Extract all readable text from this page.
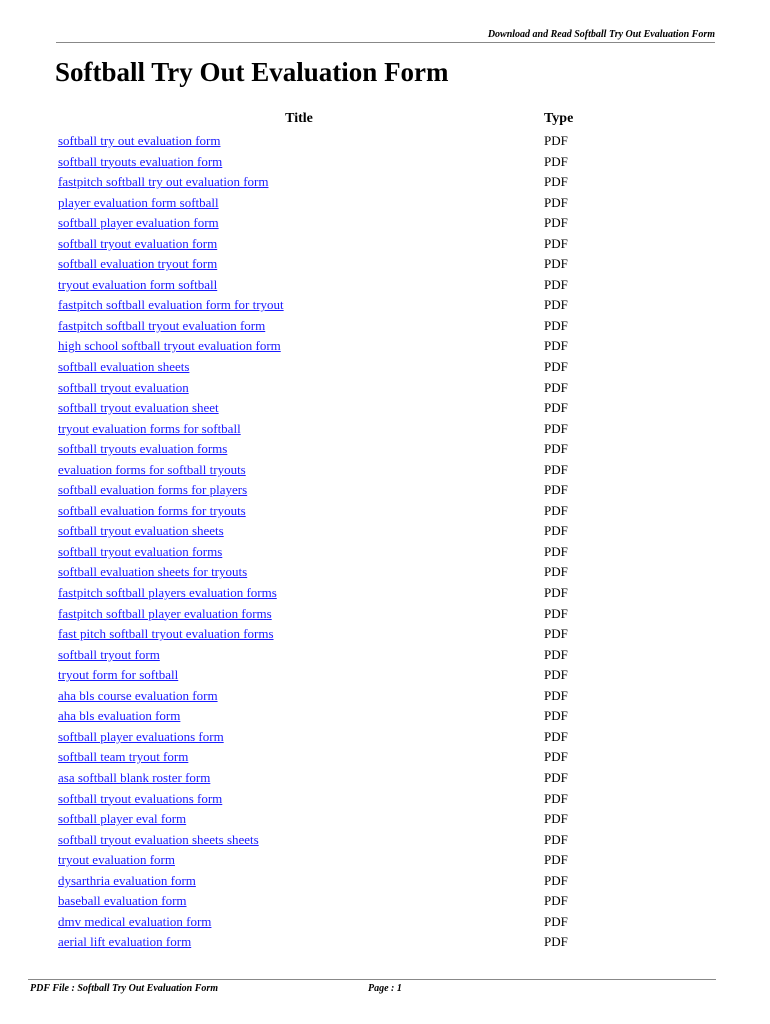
Download and Read Softball Try Out Evaluation Form
Softball Try Out Evaluation Form
Title	Type
softball try out evaluation form	PDF
softball tryouts evaluation form	PDF
fastpitch softball try out evaluation form	PDF
player evaluation form softball	PDF
softball player evaluation form	PDF
softball tryout evaluation form	PDF
softball evaluation tryout form	PDF
tryout evaluation form softball	PDF
fastpitch softball evaluation form for tryout	PDF
fastpitch softball tryout evaluation form	PDF
high school softball tryout evaluation form	PDF
softball evaluation sheets	PDF
softball tryout evaluation	PDF
softball tryout evaluation sheet	PDF
tryout evaluation forms for softball	PDF
softball tryouts evaluation forms	PDF
evaluation forms for softball tryouts	PDF
softball evaluation forms for players	PDF
softball evaluation forms for tryouts	PDF
softball tryout evaluation sheets	PDF
softball tryout evaluation forms	PDF
softball evaluation sheets for tryouts	PDF
fastpitch softball players evaluation forms	PDF
fastpitch softball player evaluation forms	PDF
fast pitch softball tryout evaluation forms	PDF
softball tryout form	PDF
tryout form for softball	PDF
aha bls course evaluation form	PDF
aha bls evaluation form	PDF
softball player evaluations form	PDF
softball team tryout form	PDF
asa softball blank roster form	PDF
softball tryout evaluations form	PDF
softball player eval form	PDF
softball tryout evaluation sheets sheets	PDF
tryout evaluation form	PDF
dysarthria evaluation form	PDF
baseball evaluation form	PDF
dmv medical evaluation form	PDF
aerial lift evaluation form	PDF
PDF File : Softball Try Out Evaluation Form	Page : 1
